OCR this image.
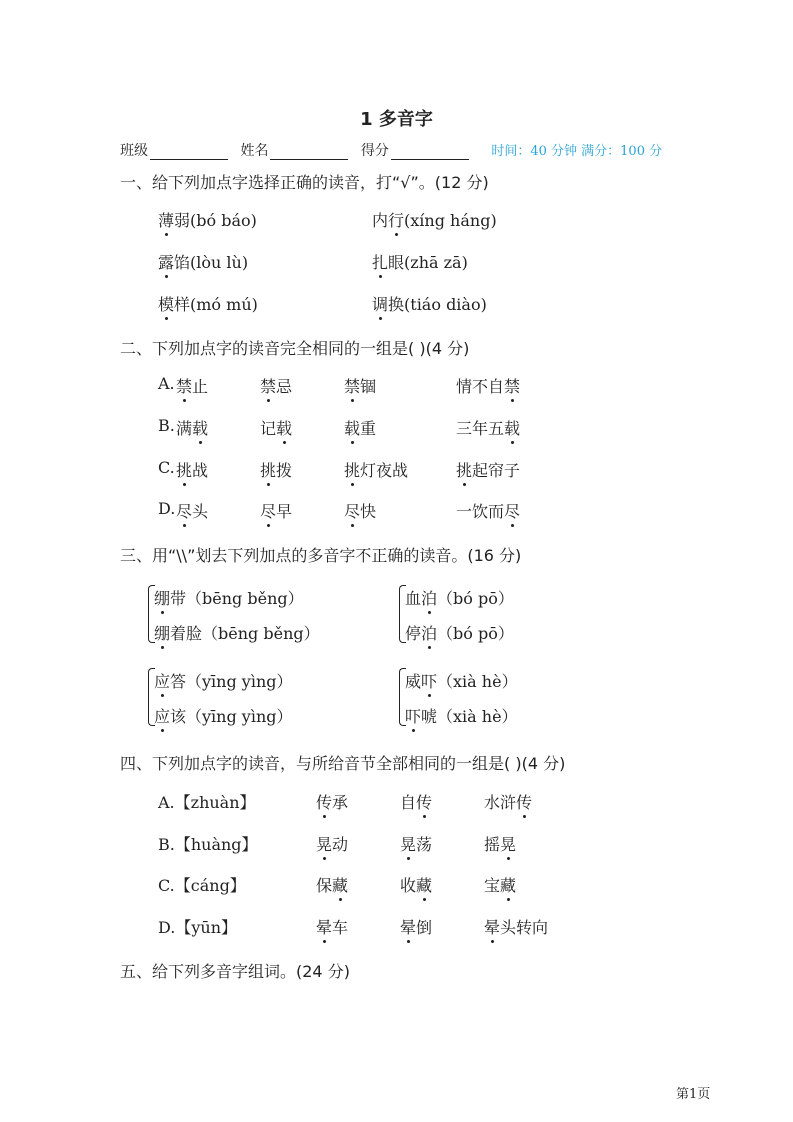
1 多音字
班级	姓名	得分	时间：40 分钟 满分：100 分
一、给下列加点字选择正确的读音，打“√”。(12 分)
薄弱(bó báo)	内行(xíng háng)
露馅(lòu lù)	扎眼(zhā zā)
模样(mó mú)	调换(tiáo diào)
二、下列加点字的读音完全相同的一组是( )(4 分)
A. 禁止	禁忌	禁锢	情不自禁
B. 满载	记载	载重	三年五载
C. 挑战	挑拨	挑灯夜战	挑起帘子
D. 尽头	尽早	尽快	一饮而尽
三、用“\\”划去下列加点的多音字不正确的读音。(16 分)
绷带（bēng běng）
绷着脸（bēng běng）
血泊（bó pō）
停泊（bó pō）
应答（yīng yìng）
应该（yīng yìng）
威吓（xià hè）
吓唬（xià hè）
四、下列加点字的读音，与所给音节全部相同的一组是( )(4 分)
A.【zhuàn】	传承	自传	水浒传
B.【huàng】	晃动	晃荡	摇晃
C.【cáng】	保藏	收藏	宝藏
D.【yūn】	晕车	晕倒	晕头转向
五、给下列多音字组词。(24 分)
第1页
